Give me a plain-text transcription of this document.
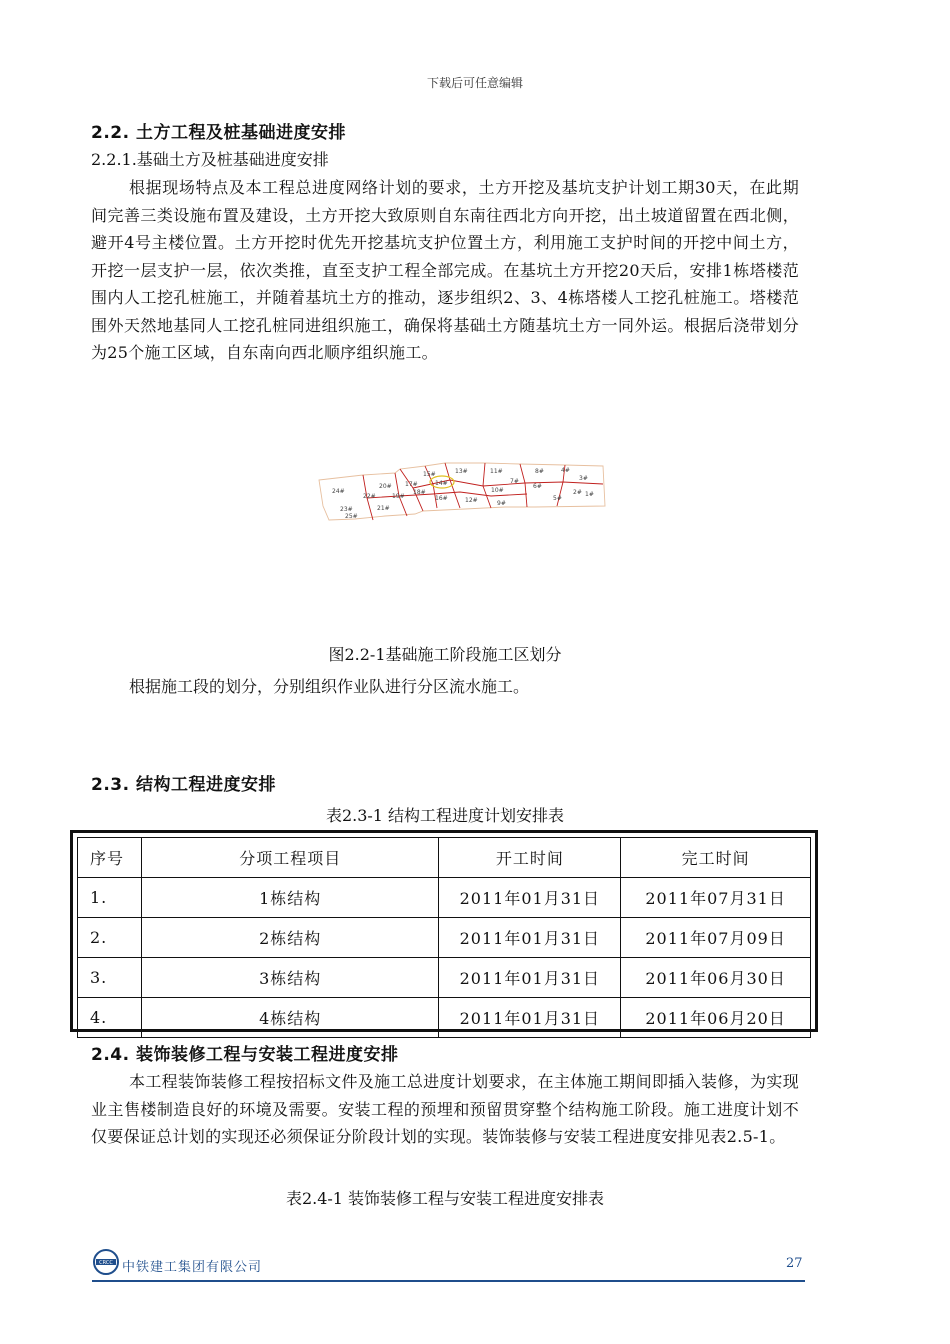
下载后可任意编辑
2.2. 土方工程及桩基础进度安排
2.2.1.基础土方及桩基础进度安排
根据现场特点及本工程总进度网络计划的要求，土方开挖及基坑支护计划工期30天，在此期间完善三类设施布置及建设，土方开挖大致原则自东南往西北方向开挖，出土坡道留置在西北侧，避开4号主楼位置。土方开挖时优先开挖基坑支护位置土方，利用施工支护时间的开挖中间土方，开挖一层支护一层，依次类推，直至支护工程全部完成。在基坑土方开挖20天后，安排1栋塔楼范围内人工挖孔桩施工，并随着基坑土方的推动，逐步组织2、3、4栋塔楼人工挖孔桩施工。塔楼范围外天然地基同人工挖孔桩同进组织施工，确保将基础土方随基坑土方一同外运。根据后浇带划分为25个施工区域，自东南向西北顺序组织施工。
24#
23#
25#
22#
21#
20#
19#
17#
18#
15#
14#
16#
13#
12#
11#
10#
9#
7#
8#
6#
5#
4#
3#
2# 1#
图2.2-1基础施工阶段施工区划分
根据施工段的划分，分别组织作业队进行分区流水施工。
2.3. 结构工程进度安排
表2.3-1 结构工程进度计划安排表
序号	分项工程项目	开工时间	完工时间
1.	1栋结构	2011年01月31日	2011年07月31日
2.	2栋结构	2011年01月31日	2011年07月09日
3.	3栋结构	2011年01月31日	2011年06月30日
4.	4栋结构	2011年01月31日	2011年06月20日
2.4. 装饰装修工程与安装工程进度安排
本工程装饰装修工程按招标文件及施工总进度计划要求，在主体施工期间即插入装修，为实现业主售楼制造良好的环境及需要。安装工程的预埋和预留贯穿整个结构施工阶段。施工进度计划不仅要保证总计划的实现还必须保证分阶段计划的实现。装饰装修与安装工程进度安排见表2.5-1。
表2.4-1 装饰装修工程与安装工程进度安排表
CRCC 中铁建工集团有限公司	27
